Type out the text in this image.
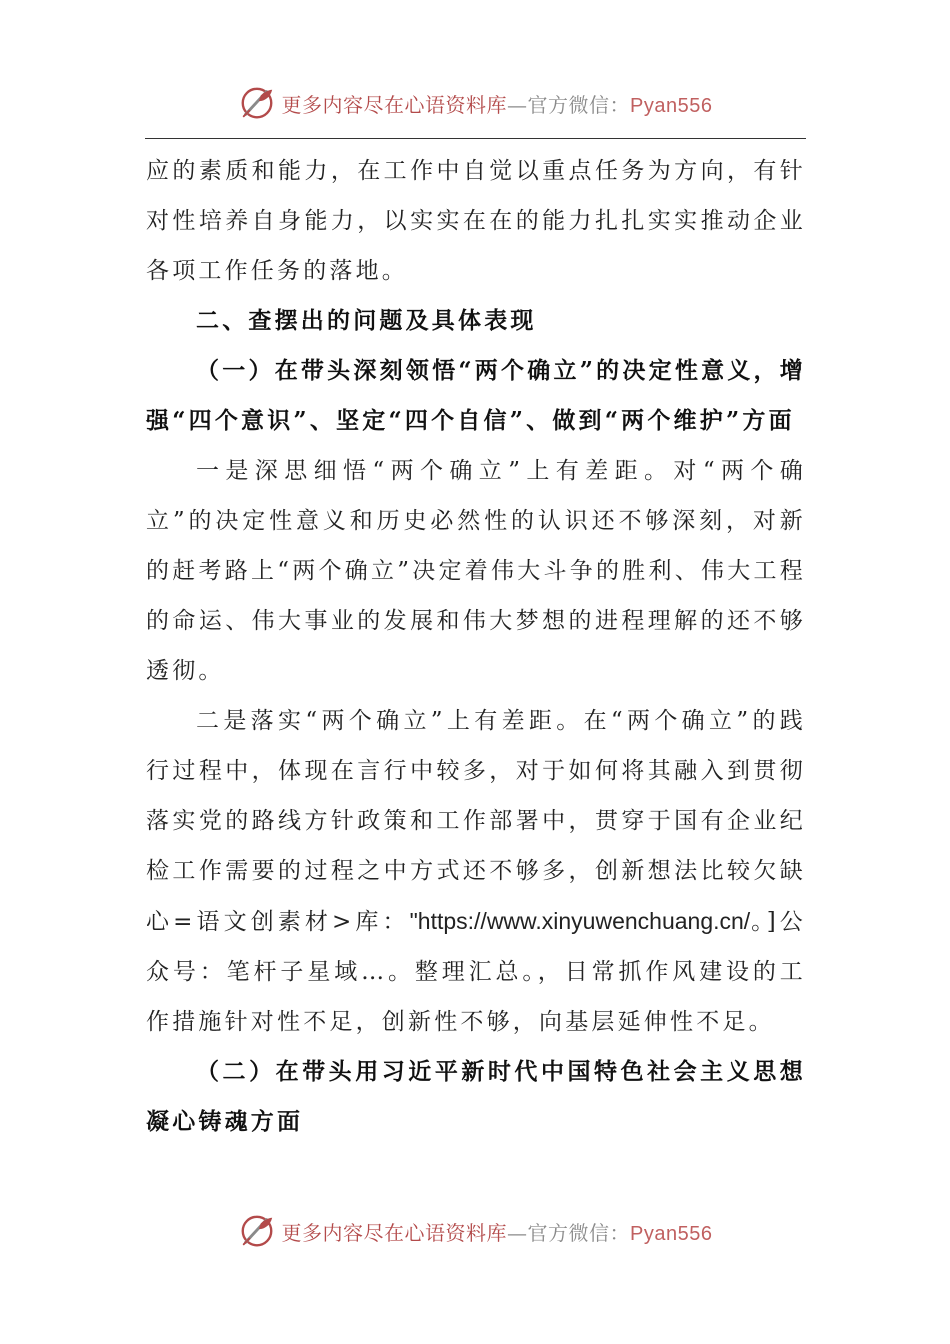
更多内容尽在心语资料库—官方微信：Pyan556

应的素质和能力，在工作中自觉以重点任务为方向，有针对性培养自身能力，以实实在在的能力扎扎实实推动企业各项工作任务的落地。

二、查摆出的问题及具体表现

（一）在带头深刻领悟“两个确立”的决定性意义，增强“四个意识”、坚定“四个自信”、做到“两个维护”方面

一是深思细悟“两个确立”上有差距。对“两个确立”的决定性意义和历史必然性的认识还不够深刻，对新的赶考路上“两个确立”决定着伟大斗争的胜利、伟大工程的命运、伟大事业的发展和伟大梦想的进程理解的还不够透彻。

二是落实“两个确立”上有差距。在“两个确立”的践行过程中，体现在言行中较多，对于如何将其融入到贯彻落实党的路线方针政策和工作部署中，贯穿于国有企业纪检工作需要的过程之中方式还不够多，创新想法比较欠缺心=语文创素材>库："https://www.xinyuwenchuang.cn/。]公众号：笔杆子星域…。整理汇总。，日常抓作风建设的工作措施针对性不足，创新性不够，向基层延伸性不足。

（二）在带头用习近平新时代中国特色社会主义思想凝心铸魂方面

更多内容尽在心语资料库—官方微信：Pyan556
